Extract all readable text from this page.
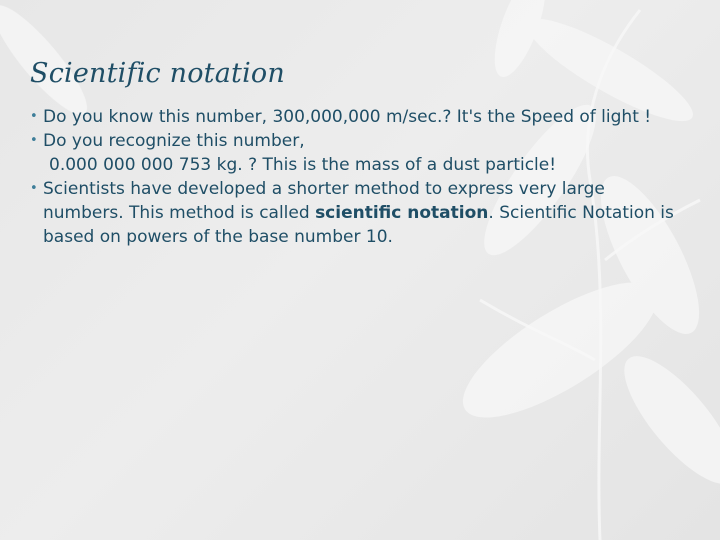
Scientific notation
• Do you know this number, 300,000,000 m/sec.? It's the Speed of light !
• Do you recognize this number,
0.000 000 000 753 kg. ? This is the mass of a dust particle!
• Scientists have developed a shorter method to express very large numbers. This method is called scientific notation. Scientific Notation is based on powers of the base number 10.
